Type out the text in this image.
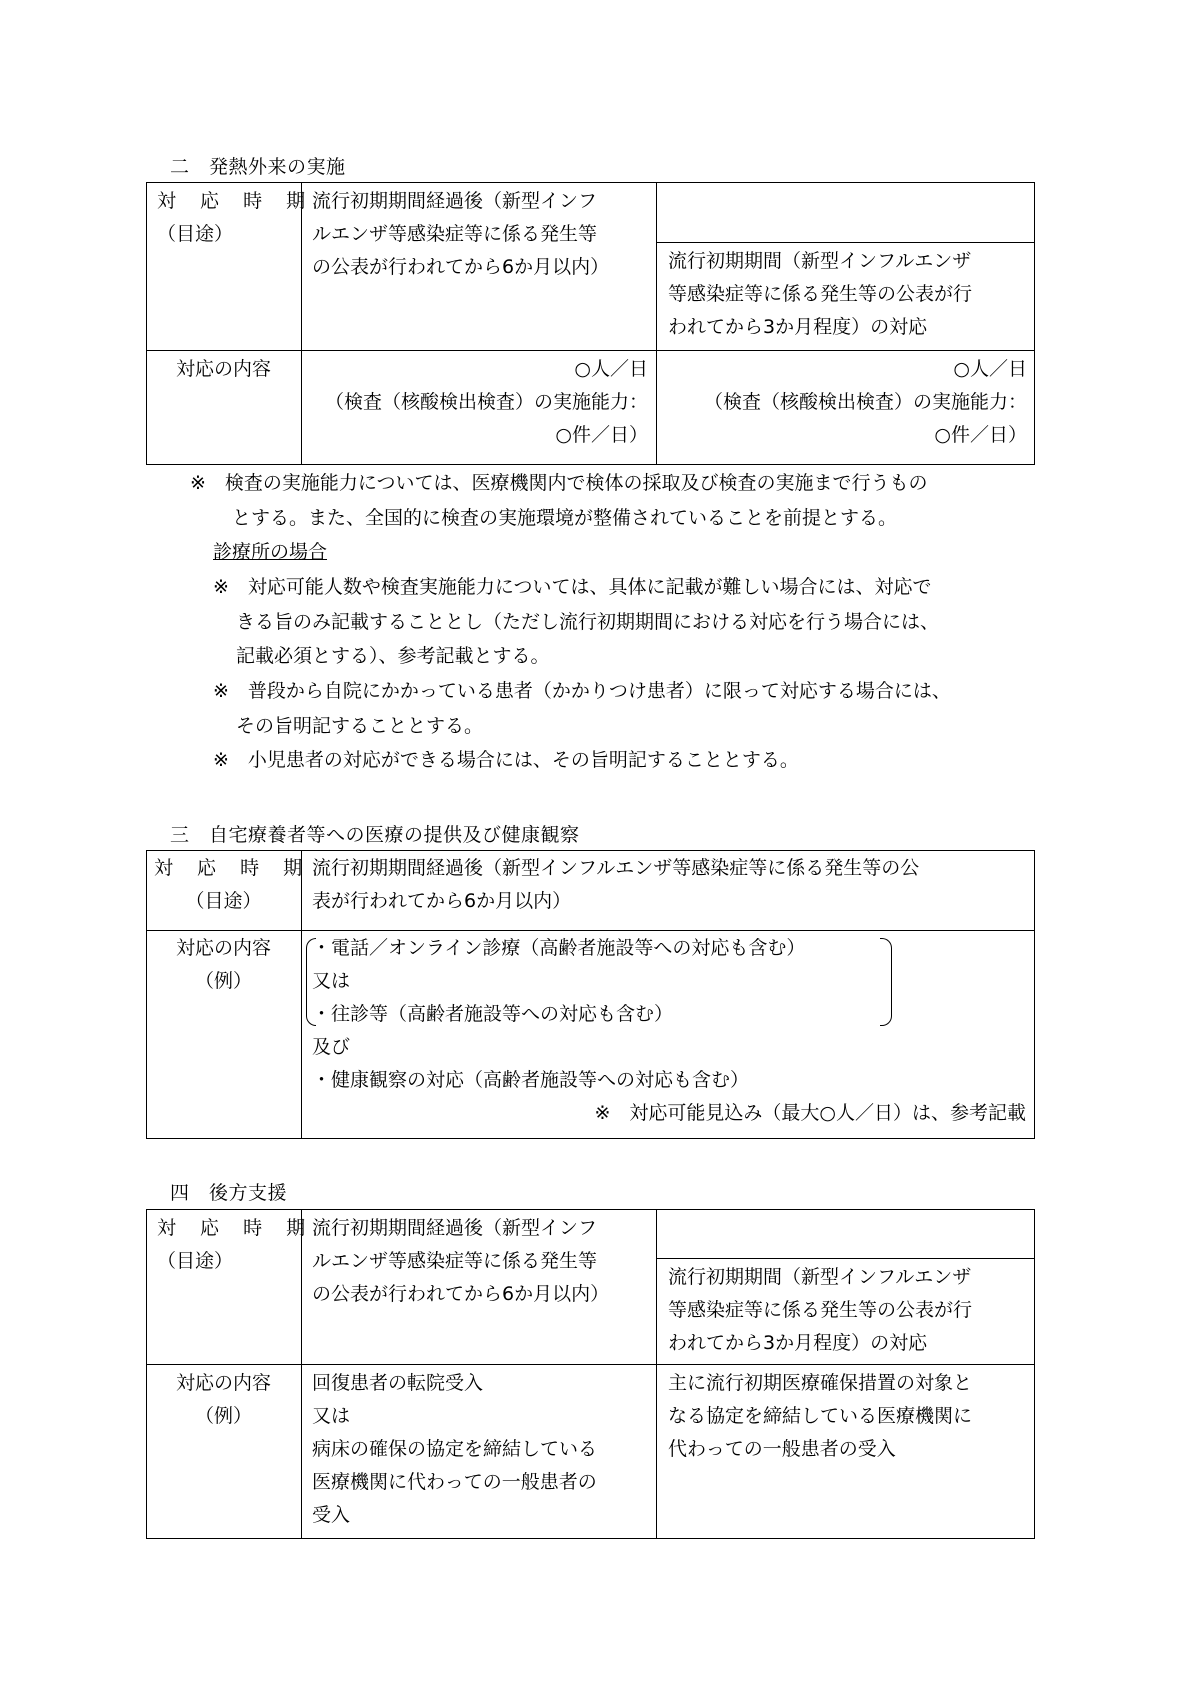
二　発熱外来の実施
対 応 時 期
（目途）
流行初期期間経過後（新型インフ
ルエンザ等感染症等に係る発生等
の公表が行われてから6か月以内）	流行初期期間（新型インフルエンザ
等感染症等に係る発生等の公表が行
われてから3か月程度）の対応
対応の内容	○人／日
（検査（核酸検出検査）の実施能力：
○件／日）
○人／日
（検査（核酸検出検査）の実施能力：
○件／日）
※　検査の実施能力については、医療機関内で検体の採取及び検査の実施まで行うもの
とする。また、全国的に検査の実施環境が整備されていることを前提とする。
診療所の場合
※　対応可能人数や検査実施能力については、具体に記載が難しい場合には、対応で
きる旨のみ記載することとし（ただし流行初期期間における対応を行う場合には、
記載必須とする）、参考記載とする。
※　普段から自院にかかっている患者（かかりつけ患者）に限って対応する場合には、
その旨明記することとする。
※　小児患者の対応ができる場合には、その旨明記することとする。
三　自宅療養者等への医療の提供及び健康観察
対 応 時 期
（目途）
流行初期期間経過後（新型インフルエンザ等感染症等に係る発生等の公
表が行われてから6か月以内）
対応の内容
（例）
・電話／オンライン診療（高齢者施設等への対応も含む）
又は
・往診等（高齢者施設等への対応も含む）
及び
・健康観察の対応（高齢者施設等への対応も含む）
※　対応可能見込み（最大○人／日）は、参考記載
四　後方支援
対 応 時 期
（目途）
流行初期期間経過後（新型インフ
ルエンザ等感染症等に係る発生等
の公表が行われてから6か月以内）
流行初期期間（新型インフルエンザ
等感染症等に係る発生等の公表が行
われてから3か月程度）の対応
対応の内容
（例）
回復患者の転院受入
又は
病床の確保の協定を締結している
医療機関に代わっての一般患者の
受入
主に流行初期医療確保措置の対象と
なる協定を締結している医療機関に
代わっての一般患者の受入
